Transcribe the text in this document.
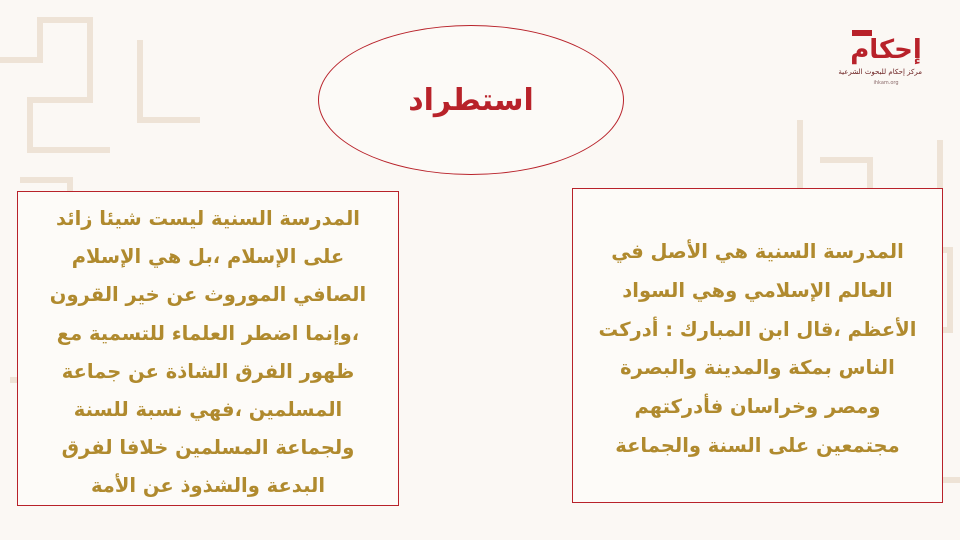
إحكام
مركز إحكام للبحوث الشرعية
ihkam.org
استطراد
المدرسة السنية ليست شيئا زائد
على الإسلام ،بل هي الإسلام
الصافي الموروث عن خير القرون
،وإنما اضطر العلماء للتسمية مع
ظهور الفرق الشاذة عن جماعة
المسلمين ،فهي نسبة للسنة
ولجماعة المسلمين خلافا لفرق
البدعة والشذوذ عن الأمة
المدرسة السنية هي الأصل في
العالم الإسلامي وهي السواد
الأعظم ،قال ابن المبارك : أدركت
الناس بمكة والمدينة والبصرة
ومصر وخراسان فأدركتهم
مجتمعين على السنة والجماعة
